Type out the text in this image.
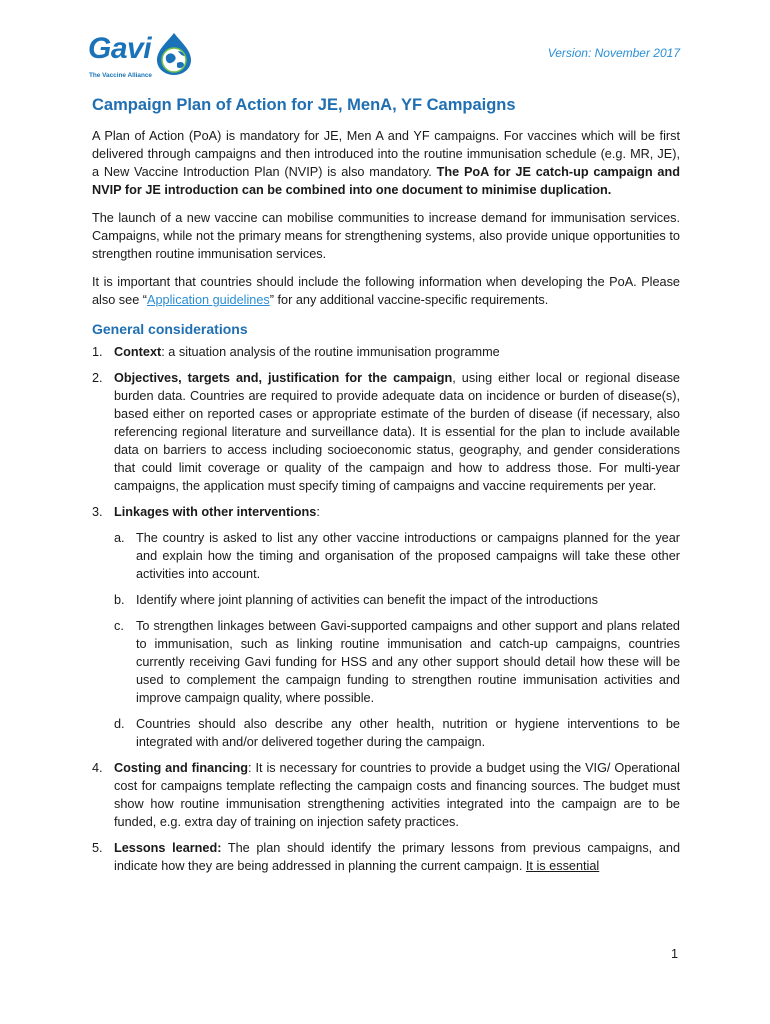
Gavi
The Vaccine Alliance
Version: November 2017
Campaign Plan of Action for JE, MenA, YF Campaigns

A Plan of Action (PoA) is mandatory for JE, Men A and YF campaigns. For vaccines which will be first delivered through campaigns and then introduced into the routine immunisation schedule (e.g. MR, JE), a New Vaccine Introduction Plan (NVIP) is also mandatory. The PoA for JE catch-up campaign and NVIP for JE introduction can be combined into one document to minimise duplication.

The launch of a new vaccine can mobilise communities to increase demand for immunisation services. Campaigns, while not the primary means for strengthening systems, also provide unique opportunities to strengthen routine immunisation services.

It is important that countries should include the following information when developing the PoA. Please also see “Application guidelines” for any additional vaccine-specific requirements.

General considerations
1. Context: a situation analysis of the routine immunisation programme
2. Objectives, targets and, justification for the campaign, using either local or regional disease burden data. Countries are required to provide adequate data on incidence or burden of disease(s), based either on reported cases or appropriate estimate of the burden of disease (if necessary, also referencing regional literature and surveillance data). It is essential for the plan to include available data on barriers to access including socioeconomic status, geography, and gender considerations that could limit coverage or quality of the campaign and how to address those. For multi-year campaigns, the application must specify timing of campaigns and vaccine requirements per year.
3. Linkages with other interventions:
a. The country is asked to list any other vaccine introductions or campaigns planned for the year and explain how the timing and organisation of the proposed campaigns will take these other activities into account.
b. Identify where joint planning of activities can benefit the impact of the introductions
c. To strengthen linkages between Gavi-supported campaigns and other support and plans related to immunisation, such as linking routine immunisation and catch-up campaigns, countries currently receiving Gavi funding for HSS and any other support should detail how these will be used to complement the campaign funding to strengthen routine immunisation activities and improve campaign quality, where possible.
d. Countries should also describe any other health, nutrition or hygiene interventions to be integrated with and/or delivered together during the campaign.
4. Costing and financing: It is necessary for countries to provide a budget using the VIG/ Operational cost for campaigns template reflecting the campaign costs and financing sources. The budget must show how routine immunisation strengthening activities integrated into the campaign are to be funded, e.g. extra day of training on injection safety practices.
5. Lessons learned: The plan should identify the primary lessons from previous campaigns, and indicate how they are being addressed in planning the current campaign. It is essential
1
